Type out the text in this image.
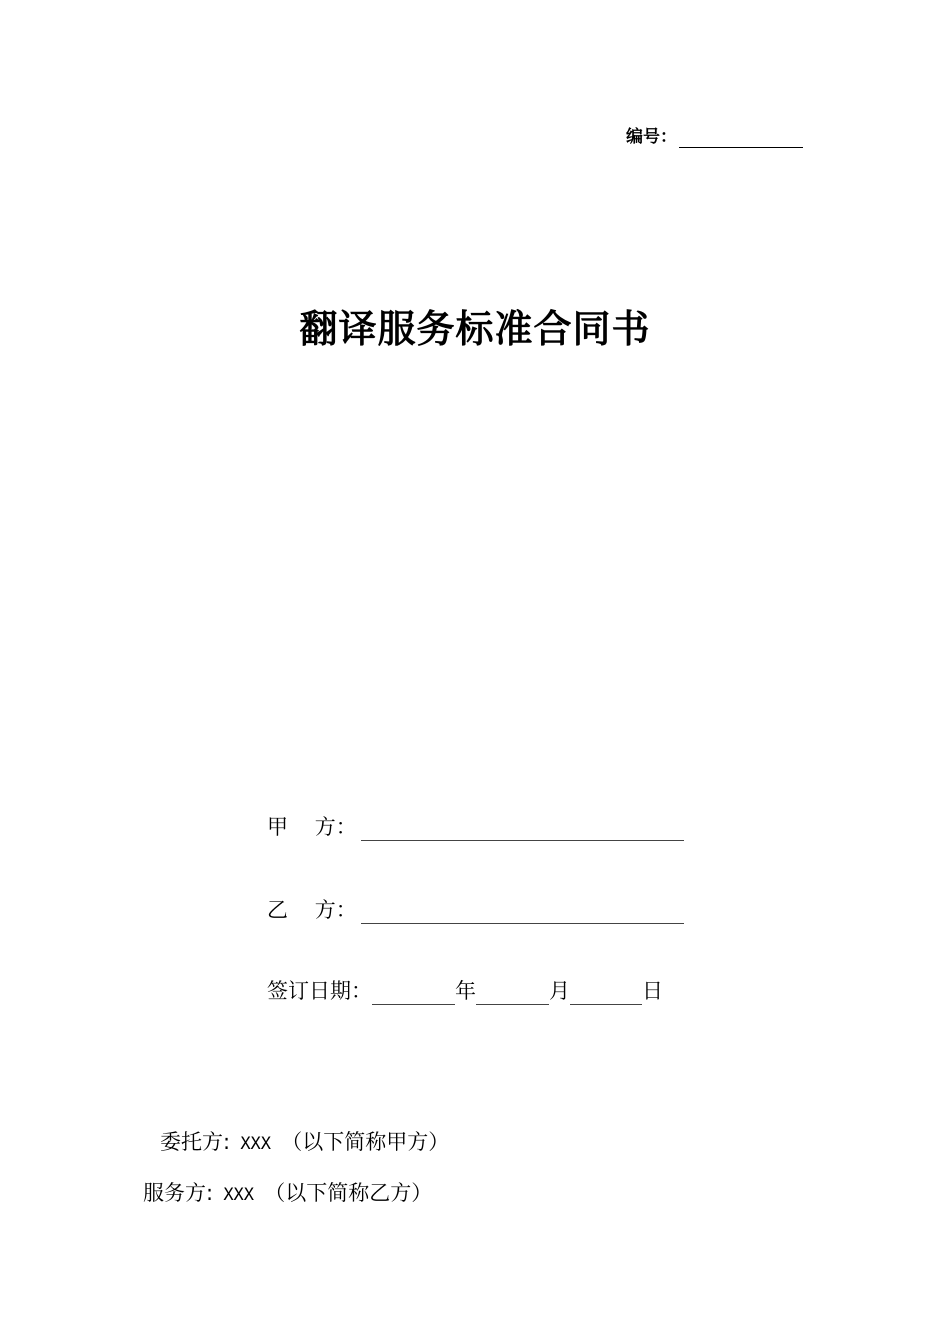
编号：
翻译服务标准合同书
甲    方：
乙    方：
签订日期：	年	月	日
委托方: XXX （以下简称甲方）
服务方: XXX （以下简称乙方）
